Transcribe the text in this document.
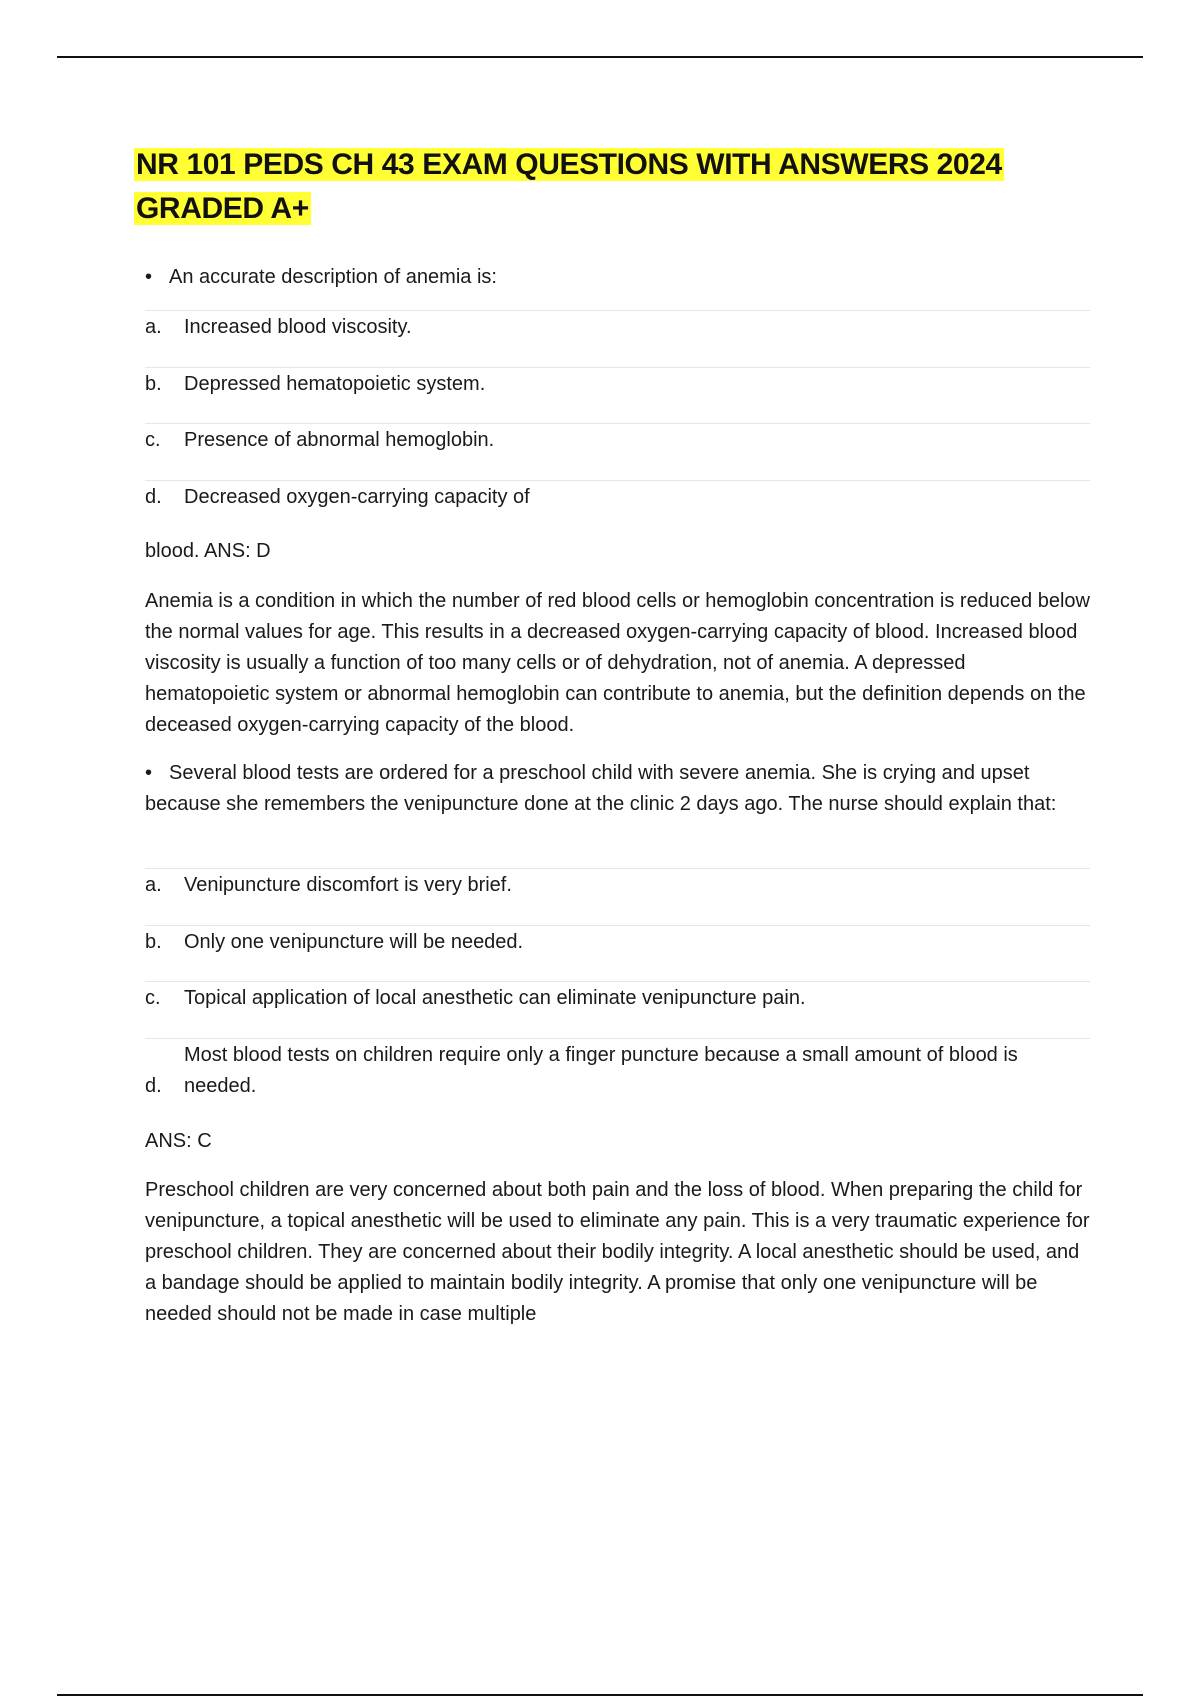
NR 101 PEDS CH 43 EXAM QUESTIONS WITH ANSWERS 2024 GRADED A+
• An accurate description of anemia is:
a.	Increased blood viscosity.
b.	Depressed hematopoietic system.
c.	Presence of abnormal hemoglobin.
d.	Decreased oxygen-carrying capacity of

blood. ANS: D

Anemia is a condition in which the number of red blood cells or hemoglobin concentration is reduced below the normal values for age. This results in a decreased oxygen-carrying capacity of blood. Increased blood viscosity is usually a function of too many cells or of dehydration, not of anemia. A depressed hematopoietic system or abnormal hemoglobin can contribute to anemia, but the definition depends on the deceased oxygen-carrying capacity of the blood.

• Several blood tests are ordered for a preschool child with severe anemia. She is crying and upset because she remembers the venipuncture done at the clinic 2 days ago. The nurse should explain that:
a.	Venipuncture discomfort is very brief.
b.	Only one venipuncture will be needed.
c.	Topical application of local anesthetic can eliminate venipuncture pain.
d.
Most blood tests on children require only a finger puncture because a small amount of blood is needed.

ANS: C

Preschool children are very concerned about both pain and the loss of blood. When preparing the child for venipuncture, a topical anesthetic will be used to eliminate any pain. This is a very traumatic experience for preschool children. They are concerned about their bodily integrity. A local anesthetic should be used, and a bandage should be applied to maintain bodily integrity. A promise that only one venipuncture will be needed should not be made in case multiple
